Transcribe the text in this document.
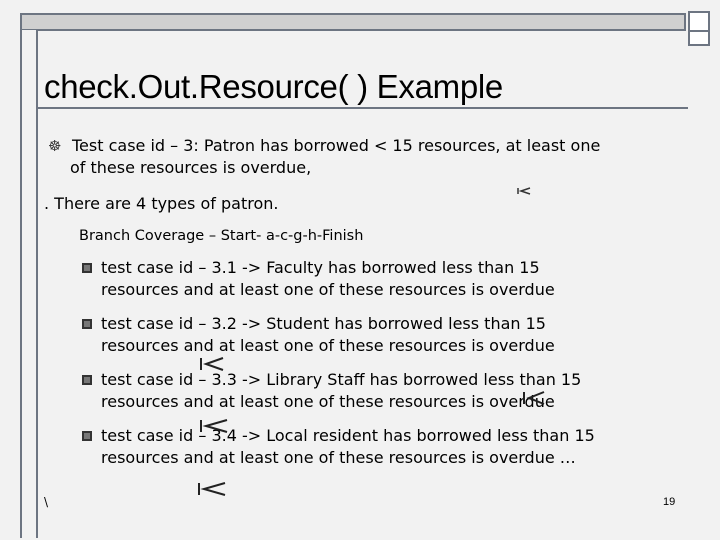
check.Out.Resource( ) Example
☸ Test case id – 3: Patron has borrowed < 15 resources, at least one
of these resources is overdue,
. There are 4 types of patron.
Branch Coverage – Start- a-c-g-h-Finish
test case id – 3.1 -> Faculty has borrowed less than 15
resources and at least one of these resources is overdue
test case id – 3.2 -> Student has borrowed less than 15
resources and at least one of these resources is overdue
test case id – 3.3 -> Library Staff has borrowed less than 15
resources and at least one of these resources is overdue
test case id – 3.4 -> Local resident has borrowed less than 15
resources and at least one of these resources is overdue …
\	19
